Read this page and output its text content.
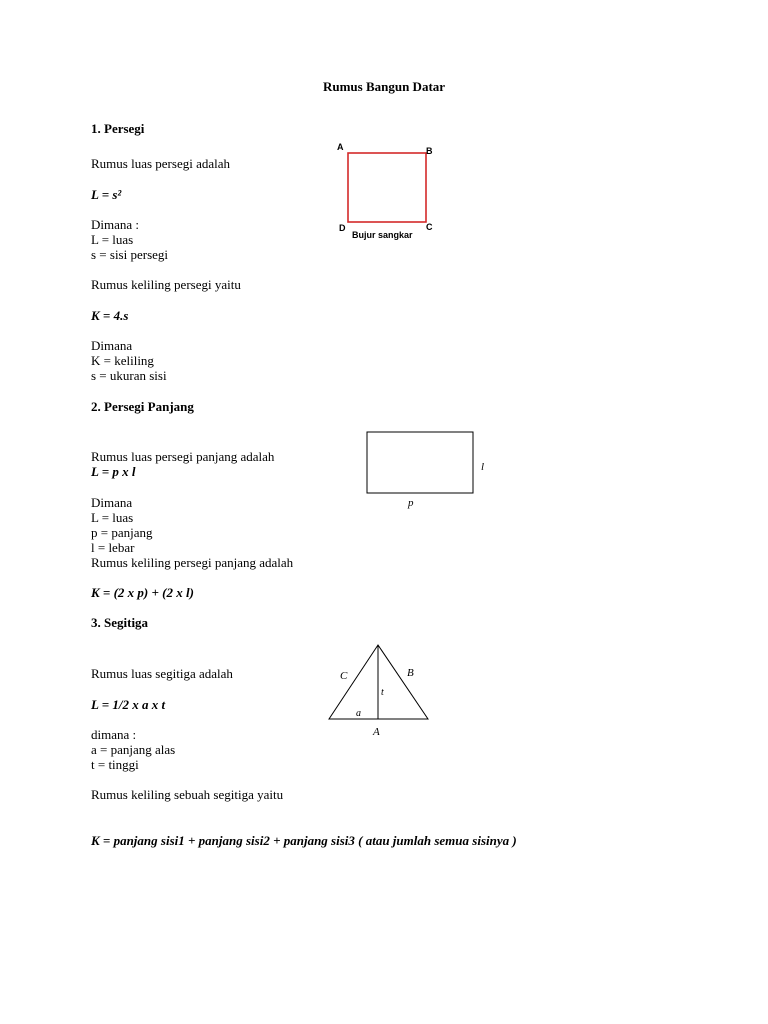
Rumus Bangun Datar
1. Persegi
Rumus luas persegi adalah
L = s²
Dimana :
L = luas
s = sisi persegi
Rumus keliling persegi yaitu
K = 4.s
Dimana
K = keliling
s = ukuran sisi
A	B
C
D
Bujur sangkar
2. Persegi Panjang
Rumus luas persegi panjang adalah
L = p x l
Dimana
L = luas
p = panjang
l = lebar
Rumus keliling persegi panjang adalah
K = (2 x p) + (2 x l)
l
p
3. Segitiga
Rumus luas segitiga adalah
L = 1/2 x a x t
dimana :
a = panjang alas
t = tinggi
Rumus keliling sebuah segitiga yaitu
K = panjang sisi1 + panjang sisi2 + panjang sisi3 ( atau jumlah semua sisinya )
C	B
t
a
A
